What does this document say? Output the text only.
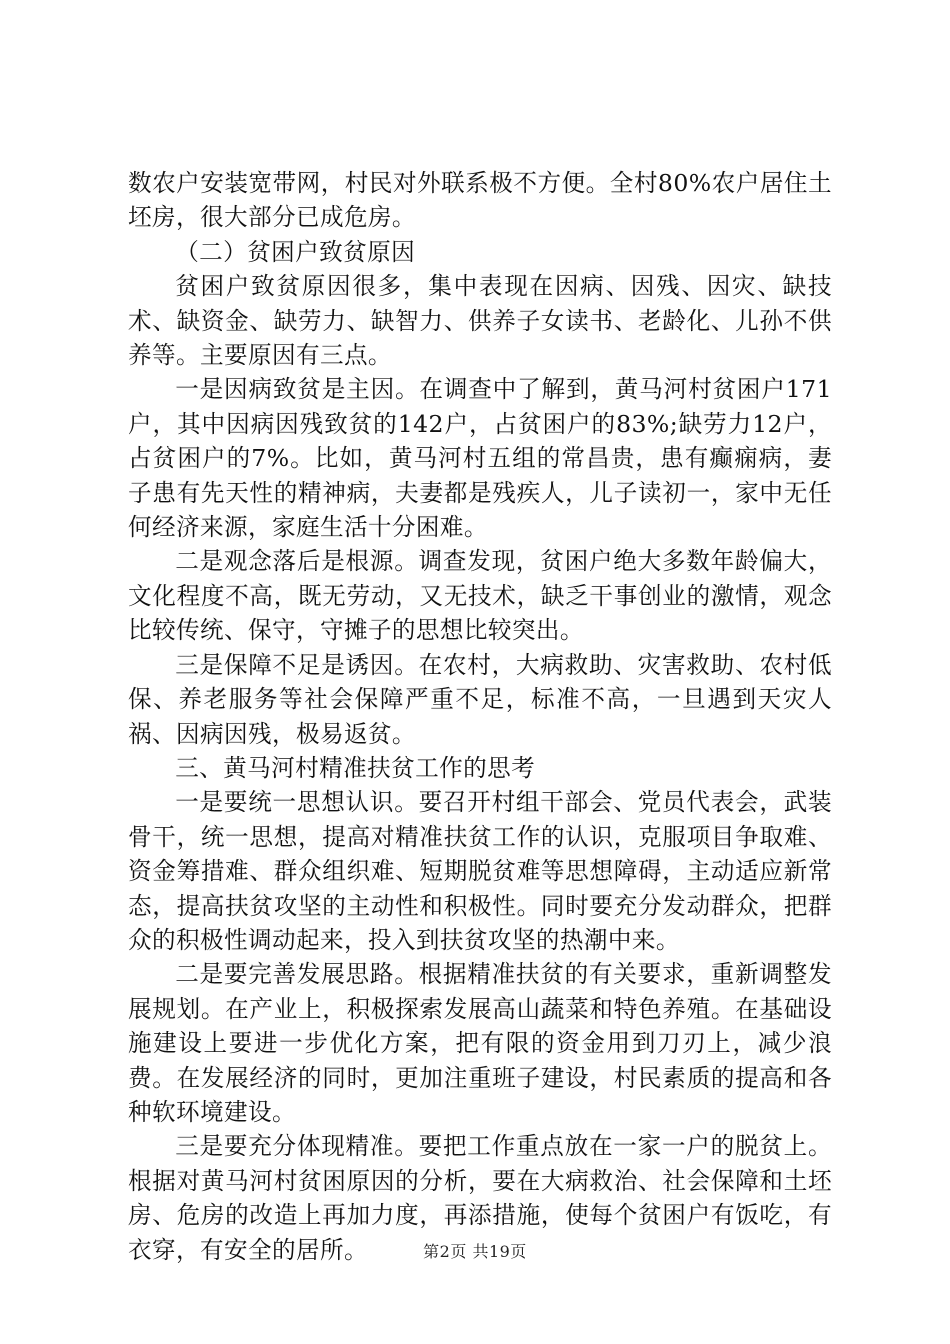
数农户安装宽带网，村民对外联系极不方便。全村80%农户居住土坯房，很大部分已成危房。

（二）贫困户致贫原因

贫困户致贫原因很多，集中表现在因病、因残、因灾、缺技术、缺资金、缺劳力、缺智力、供养子女读书、老龄化、儿孙不供养等。主要原因有三点。

一是因病致贫是主因。在调查中了解到，黄马河村贫困户171户，其中因病因残致贫的142户，占贫困户的83%;缺劳力12户，占贫困户的7%。比如，黄马河村五组的常昌贵，患有癫痫病，妻子患有先天性的精神病，夫妻都是残疾人，儿子读初一，家中无任何经济来源，家庭生活十分困难。

二是观念落后是根源。调查发现，贫困户绝大多数年龄偏大，文化程度不高，既无劳动，又无技术，缺乏干事创业的激情，观念比较传统、保守，守摊子的思想比较突出。

三是保障不足是诱因。在农村，大病救助、灾害救助、农村低保、养老服务等社会保障严重不足，标准不高，一旦遇到天灾人祸、因病因残，极易返贫。

三、黄马河村精准扶贫工作的思考

一是要统一思想认识。要召开村组干部会、党员代表会，武装骨干，统一思想，提高对精准扶贫工作的认识，克服项目争取难、资金筹措难、群众组织难、短期脱贫难等思想障碍，主动适应新常态，提高扶贫攻坚的主动性和积极性。同时要充分发动群众，把群众的积极性调动起来，投入到扶贫攻坚的热潮中来。

二是要完善发展思路。根据精准扶贫的有关要求，重新调整发展规划。在产业上，积极探索发展高山蔬菜和特色养殖。在基础设施建设上要进一步优化方案，把有限的资金用到刀刃上，减少浪费。在发展经济的同时，更加注重班子建设，村民素质的提高和各种软环境建设。

三是要充分体现精准。要把工作重点放在一家一户的脱贫上。根据对黄马河村贫困原因的分析，要在大病救治、社会保障和土坯房、危房的改造上再加力度，再添措施，使每个贫困户有饭吃，有衣穿，有安全的居所。	第2页 共19页
